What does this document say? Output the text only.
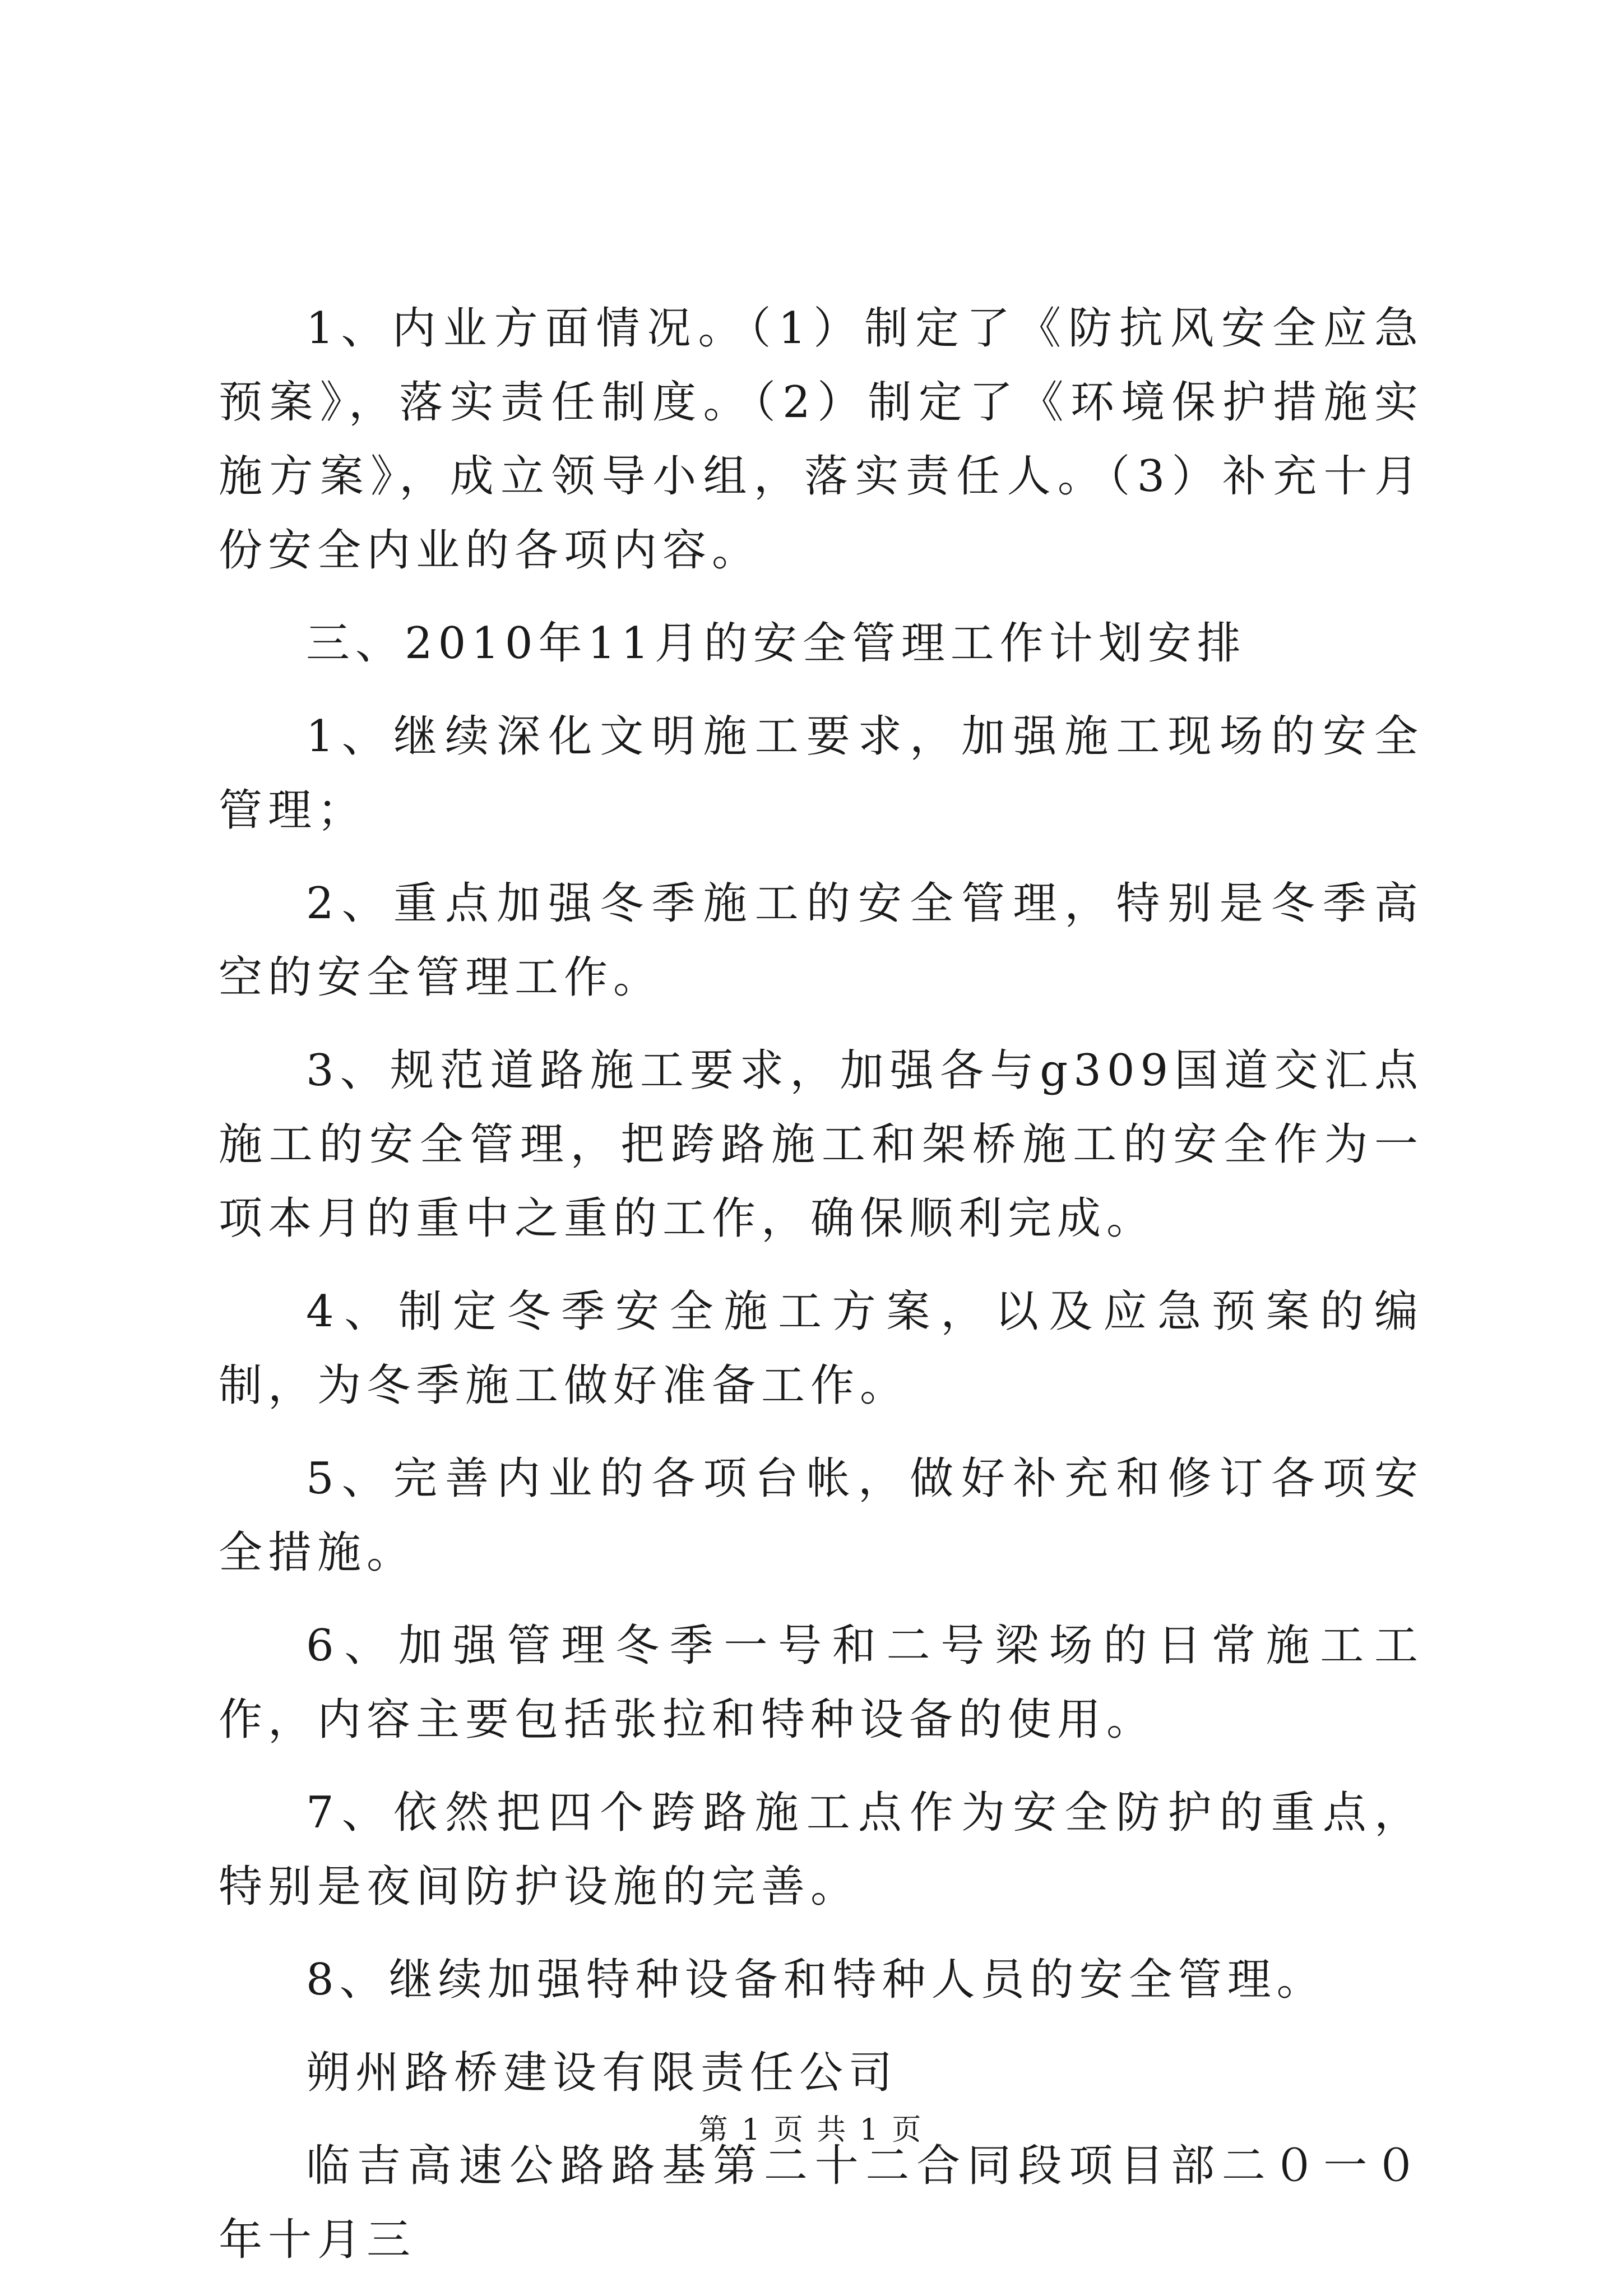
1、内业方面情况。（1）制定了《防抗风安全应急预案》，落实责任制度。（2）制定了《环境保护措施实施方案》，成立领导小组，落实责任人。（3）补充十月份安全内业的各项内容。

三、2010年11月的安全管理工作计划安排

1、继续深化文明施工要求，加强施工现场的安全管理；

2、重点加强冬季施工的安全管理，特别是冬季高空的安全管理工作。

3、规范道路施工要求，加强各与g309国道交汇点施工的安全管理，把跨路施工和架桥施工的安全作为一项本月的重中之重的工作，确保顺利完成。

4、制定冬季安全施工方案，以及应急预案的编制，为冬季施工做好准备工作。

5、完善内业的各项台帐，做好补充和修订各项安全措施。

6、加强管理冬季一号和二号梁场的日常施工工作，内容主要包括张拉和特种设备的使用。

7、依然把四个跨路施工点作为安全防护的重点，特别是夜间防护设施的完善。

8、继续加强特种设备和特种人员的安全管理。

朔州路桥建设有限责任公司

临吉高速公路路基第二十二合同段项目部二０一０年十月三

第 1 页 共 1 页
